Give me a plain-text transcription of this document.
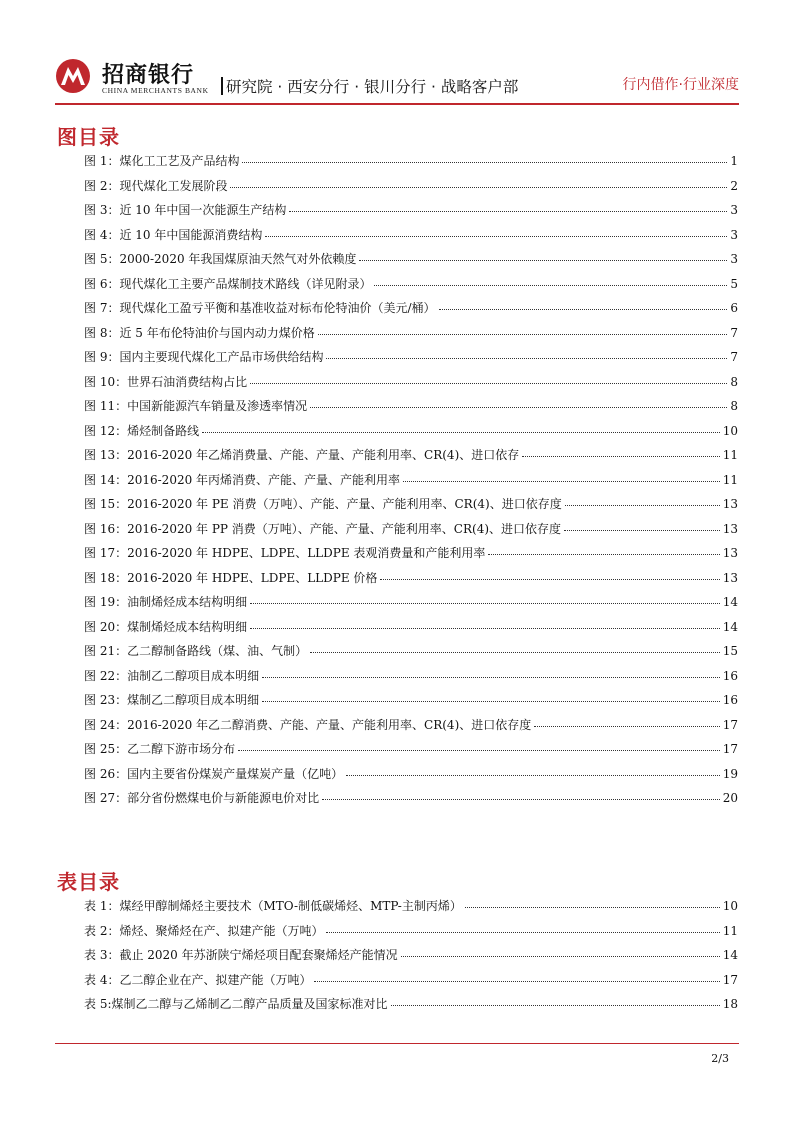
招商银行
CHINA MERCHANTS BANK	研究院 · 西安分行 · 银川分行 · 战略客户部	行内借作·行业深度
图目录
图 1：煤化工工艺及产品结构	1
图 2：现代煤化工发展阶段	2
图 3：近 10 年中国一次能源生产结构	3
图 4：近 10 年中国能源消费结构	3
图 5：2000-2020 年我国煤原油天然气对外依赖度	3
图 6：现代煤化工主要产品煤制技术路线（详见附录）	5
图 7：现代煤化工盈亏平衡和基准收益对标布伦特油价（美元/桶）	6
图 8：近 5 年布伦特油价与国内动力煤价格	7
图 9：国内主要现代煤化工产品市场供给结构	7
图 10：世界石油消费结构占比	8
图 11：中国新能源汽车销量及渗透率情况	8
图 12：烯烃制备路线	10
图 13：2016-2020 年乙烯消费量、产能、产量、产能利用率、CR(4)、进口依存	11
图 14：2016-2020 年丙烯消费、产能、产量、产能利用率	11
图 15：2016-2020 年 PE 消费（万吨）、产能、产量、产能利用率、CR(4)、进口依存度	13
图 16：2016-2020 年 PP 消费（万吨）、产能、产量、产能利用率、CR(4)、进口依存度	13
图 17：2016-2020 年 HDPE、LDPE、LLDPE 表观消费量和产能利用率	13
图 18：2016-2020 年 HDPE、LDPE、LLDPE 价格	13
图 19：油制烯烃成本结构明细	14
图 20：煤制烯烃成本结构明细	14
图 21：乙二醇制备路线（煤、油、气制）	15
图 22：油制乙二醇项目成本明细	16
图 23：煤制乙二醇项目成本明细	16
图 24：2016-2020 年乙二醇消费、产能、产量、产能利用率、CR(4)、进口依存度	17
图 25：乙二醇下游市场分布	17
图 26：国内主要省份煤炭产量煤炭产量（亿吨）	19
图 27：部分省份燃煤电价与新能源电价对比	20
表目录
表 1：煤经甲醇制烯烃主要技术（MTO-制低碳烯烃、MTP-主制丙烯）	10
表 2：烯烃、聚烯烃在产、拟建产能（万吨）	11
表 3：截止 2020 年苏浙陕宁烯烃项目配套聚烯烃产能情况	14
表 4：乙二醇企业在产、拟建产能（万吨）	17
表 5:煤制乙二醇与乙烯制乙二醇产品质量及国家标准对比	18
2/3
